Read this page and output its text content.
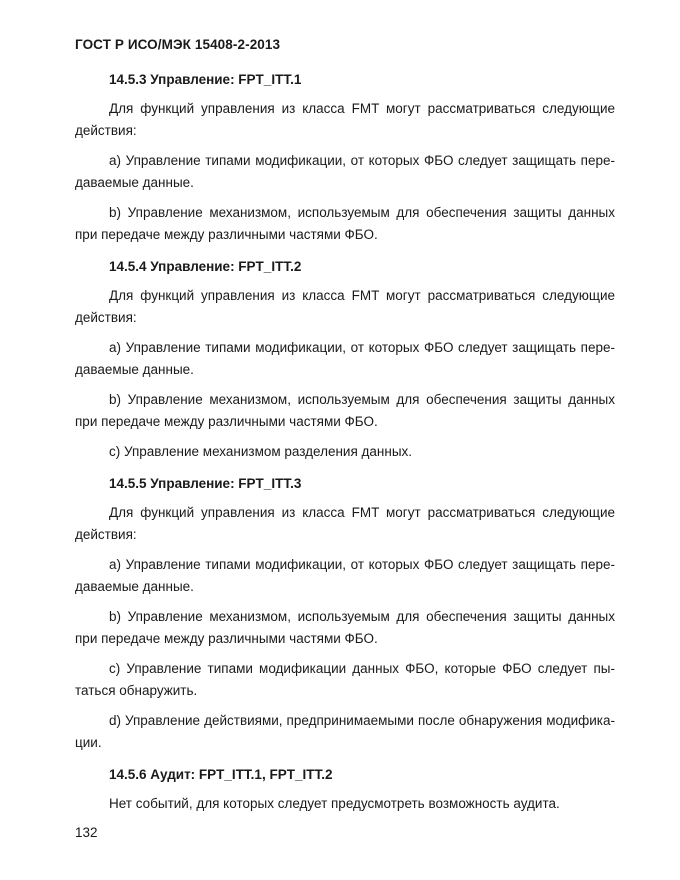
ГОСТ Р ИСО/МЭК 15408-2-2013
14.5.3 Управление: FPT_ITT.1
Для функций управления из класса FMT могут рассматриваться следующие действия:
a) Управление типами модификации, от которых ФБО следует защищать пере-даваемые данные.
b) Управление механизмом, используемым для обеспечения защиты данных при передаче между различными частями ФБО.
14.5.4 Управление: FPT_ITT.2
Для функций управления из класса FMT могут рассматриваться следующие действия:
a) Управление типами модификации, от которых ФБО следует защищать пере-даваемые данные.
b) Управление механизмом, используемым для обеспечения защиты данных при передаче между различными частями ФБО.
c) Управление механизмом разделения данных.
14.5.5 Управление: FPT_ITT.3
Для функций управления из класса FMT могут рассматриваться следующие действия:
a) Управление типами модификации, от которых ФБО следует защищать пере-даваемые данные.
b) Управление механизмом, используемым для обеспечения защиты данных при передаче между различными частями ФБО.
c) Управление типами модификации данных ФБО, которые ФБО следует пы-таться обнаружить.
d) Управление действиями, предпринимаемыми после обнаружения модифика-ции.
14.5.6 Аудит: FPT_ITT.1, FPT_ITT.2
Нет событий, для которых следует предусмотреть возможность аудита.
132
